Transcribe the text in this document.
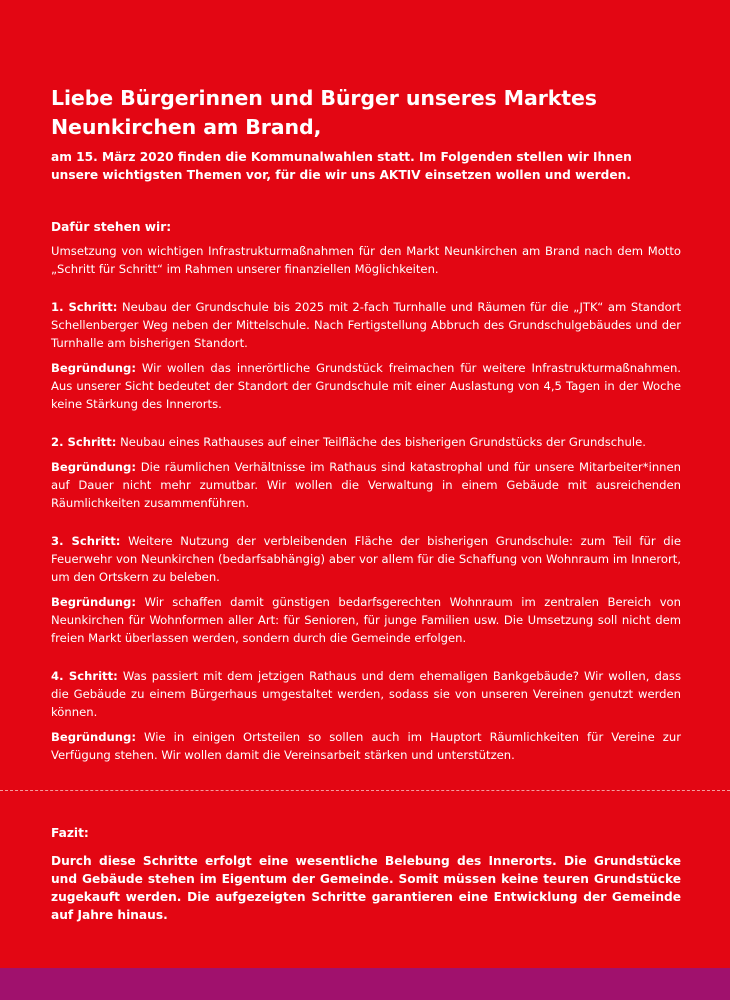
Liebe Bürgerinnen und Bürger unseres Marktes
Neunkirchen am Brand,

am 15. März 2020 finden die Kommunalwahlen statt. Im Folgenden stellen wir Ihnen unsere wichtigsten Themen vor, für die wir uns AKTIV einsetzen wollen und werden.

Dafür stehen wir:

Umsetzung von wichtigen Infrastrukturmaßnahmen für den Markt Neunkirchen am Brand nach dem Motto „Schritt für Schritt“ im Rahmen unserer finanziellen Möglichkeiten.

1. Schritt: Neubau der Grundschule bis 2025 mit 2-fach Turnhalle und Räumen für die „JTK“ am Standort Schellenberger Weg neben der Mittelschule. Nach Fertigstellung Abbruch des Grundschulgebäudes und der Turnhalle am bisherigen Standort.

Begründung: Wir wollen das innerörtliche Grundstück freimachen für weitere Infrastrukturmaßnahmen. Aus unserer Sicht bedeutet der Standort der Grundschule mit einer Auslastung von 4,5 Tagen in der Woche keine Stärkung des Innerorts.

2. Schritt: Neubau eines Rathauses auf einer Teilfläche des bisherigen Grundstücks der Grundschule.

Begründung: Die räumlichen Verhältnisse im Rathaus sind katastrophal und für unsere Mitarbeiter*innen auf Dauer nicht mehr zumutbar. Wir wollen die Verwaltung in einem Gebäude mit ausreichenden Räumlichkeiten zusammenführen.

3. Schritt: Weitere Nutzung der verbleibenden Fläche der bisherigen Grundschule: zum Teil für die Feuerwehr von Neunkirchen (bedarfsabhängig) aber vor allem für die Schaffung von Wohnraum im Innerort, um den Ortskern zu beleben.

Begründung: Wir schaffen damit günstigen bedarfsgerechten Wohnraum im zentralen Bereich von Neunkirchen für Wohnformen aller Art: für Senioren, für junge Familien usw. Die Umsetzung soll nicht dem freien Markt überlassen werden, sondern durch die Gemeinde erfolgen.

4. Schritt: Was passiert mit dem jetzigen Rathaus und dem ehemaligen Bankgebäude? Wir wollen, dass die Gebäude zu einem Bürgerhaus umgestaltet werden, sodass sie von unseren Vereinen genutzt werden können.

Begründung: Wie in einigen Ortsteilen so sollen auch im Hauptort Räumlichkeiten für Vereine zur Verfügung stehen. Wir wollen damit die Vereinsarbeit stärken und unterstützen.

Fazit:

Durch diese Schritte erfolgt eine wesentliche Belebung des Innerorts. Die Grundstücke und Gebäude stehen im Eigentum der Gemeinde. Somit müssen keine teuren Grundstücke zugekauft werden. Die aufgezeigten Schritte garantieren eine Entwicklung der Gemeinde auf Jahre hinaus.
